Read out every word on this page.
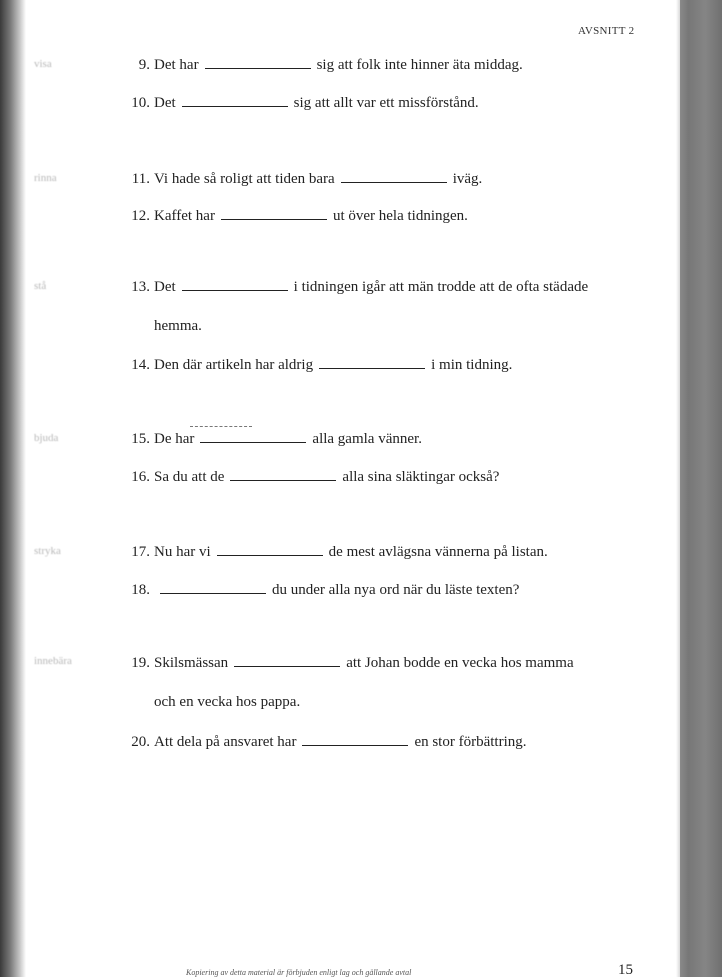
AVSNITT 2
visa
rinna
stå
bjuda
stryka
innebära
9. Det har	sig att folk inte hinner äta middag.
10. Det	sig att allt var ett missförstånd.
11. Vi hade så roligt att tiden bara	iväg.
12. Kaffet har	ut över hela tidningen.
13. Det	i tidningen igår att män trodde att de ofta städade
hemma.
14. Den där artikeln har aldrig	i min tidning.
15. De har	alla gamla vänner.
16. Sa du att de	alla sina släktingar också?
17. Nu har vi	de mest avlägsna vännerna på listan.
18.	du under alla nya ord när du läste texten?
19. Skilsmässan	att Johan bodde en vecka hos mamma
och en vecka hos pappa.
20. Att dela på ansvaret har	en stor förbättring.
Kopiering av detta material är förbjuden enligt lag och gällande avtal	15
